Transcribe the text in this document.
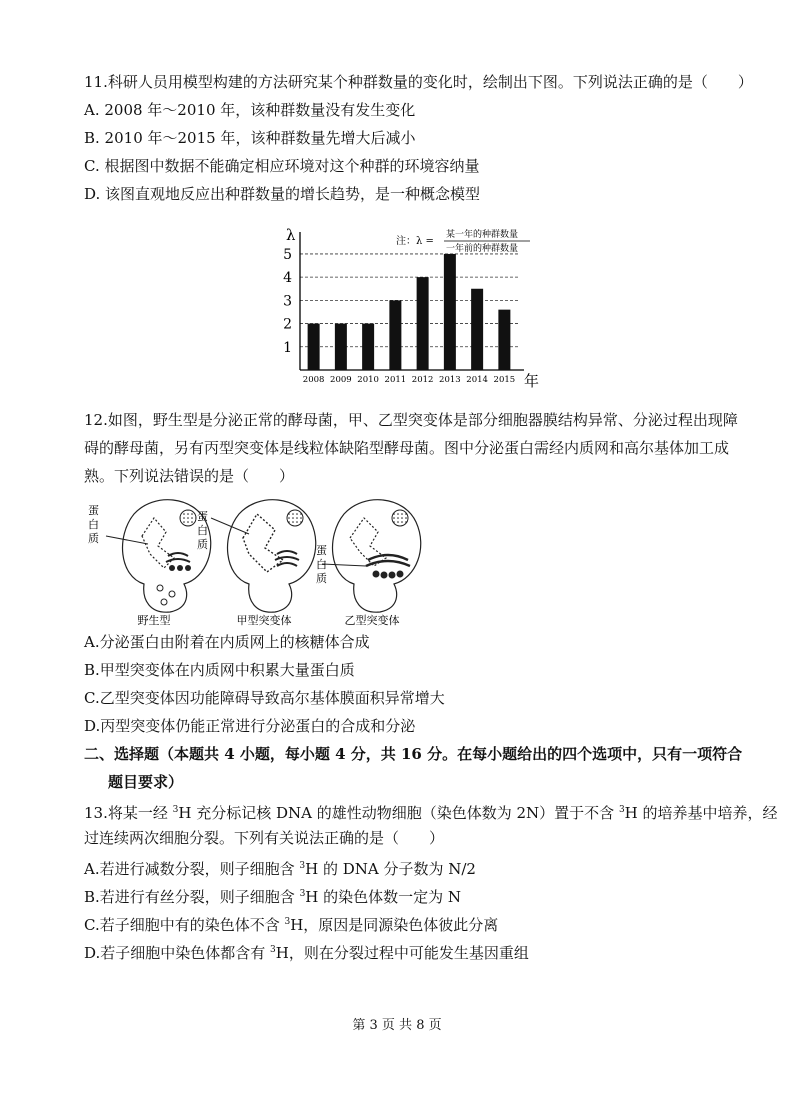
11.科研人员用模型构建的方法研究某个种群数量的变化时，绘制出下图。下列说法正确的是（　　）
A. 2008 年～2010 年，该种群数量没有发生变化
B. 2010 年～2015 年，该种群数量先增大后减小
C. 根据图中数据不能确定相应环境对这个种群的环境容纳量
D. 该图直观地反应出种群数量的增长趋势，是一种概念模型
1
2
3
4
5
λ
年
2008 2009 2010 2011 2012 2013 2014 2015
注：λ =
某一年的种群数量
一年前的种群数量
12.如图，野生型是分泌正常的酵母菌，甲、乙型突变体是部分细胞器膜结构异常、分泌过程出现障
碍的酵母菌，另有丙型突变体是线粒体缺陷型酵母菌。图中分泌蛋白需经内质网和高尔基体加工成
熟。下列说法错误的是（　　）
蛋
白
质
蛋
白
质	蛋
白
质
野生型	甲型突变体	乙型突变体
A.分泌蛋白由附着在内质网上的核糖体合成
B.甲型突变体在内质网中积累大量蛋白质
C.乙型突变体因功能障碍导致高尔基体膜面积异常增大
D.丙型突变体仍能正常进行分泌蛋白的合成和分泌
二、选择题（本题共 4 小题，每小题 4 分，共 16 分。在每小题给出的四个选项中，只有一项符合
题目要求）
13.将某一经 $^3$H 充分标记核 DNA 的雄性动物细胞（染色体数为 2N）置于不含 $^3$H 的培养基中培养，经
过连续两次细胞分裂。下列有关说法正确的是（　　）
A.若进行减数分裂，则子细胞含 $^3$H 的 DNA 分子数为 N/2
B.若进行有丝分裂，则子细胞含 $^3$H 的染色体数一定为 N
C.若子细胞中有的染色体不含 $^3$H，原因是同源染色体彼此分离
D.若子细胞中染色体都含有 $^3$H，则在分裂过程中可能发生基因重组
第 3 页 共 8 页
